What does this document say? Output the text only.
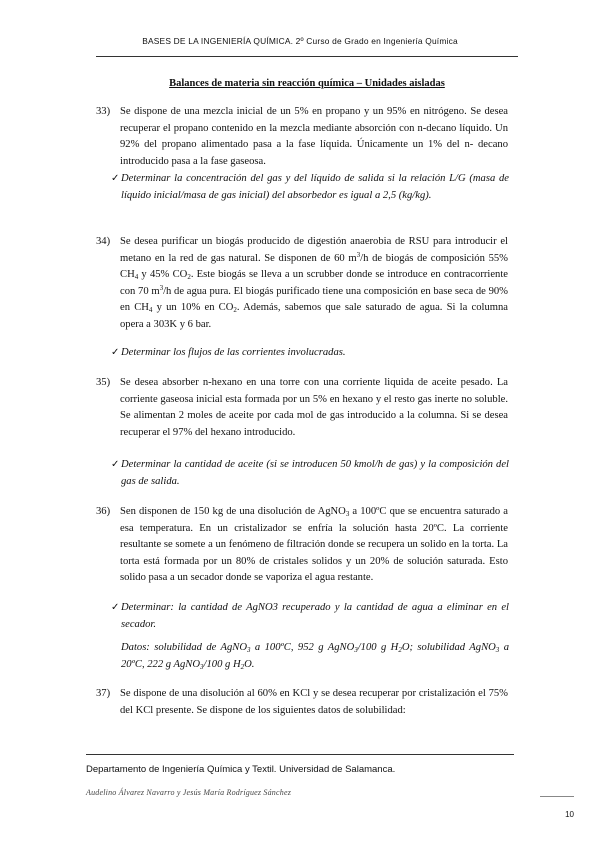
BASES DE LA INGENIERÍA QUÍMICA. 2º Curso de Grado en Ingeniería Química
Balances de materia sin reacción química – Unidades aisladas
33) Se dispone de una mezcla inicial de un 5% en propano y un 95% en nitrógeno. Se desea recuperar el propano contenido en la mezcla mediante absorción con n-decano líquido. Un 92% del propano alimentado pasa a la fase líquida. Únicamente un 1% del n- decano introducido pasa a la fase gaseosa.
✓ Determinar la concentración del gas y del líquido de salida si la relación L/G (masa de líquido inicial/masa de gas inicial) del absorbedor es igual a 2,5 (kg/kg).
34) Se desea purificar un biogás producido de digestión anaerobia de RSU para introducir el metano en la red de gas natural. Se disponen de 60 $m^3/h$ de biogás de composición 55% $CH_4$ y 45% $CO_2$. Este biogás se lleva a un scrubber donde se introduce en contracorriente con 70 $m^3/h$ de agua pura. El biogás purificado tiene una composición en base seca de 90% en $CH_4$ y un 10% en $CO_2$. Además, sabemos que sale saturado de agua. Si la columna opera a 303K y 6 bar.
✓ Determinar los flujos de las corrientes involucradas.
35) Se desea absorber n-hexano en una torre con una corriente liquida de aceite pesado. La corriente gaseosa inicial esta formada por un 5% en hexano y el resto gas inerte no soluble. Se alimentan 2 moles de aceite por cada mol de gas introducido a la columna. Si se desea recuperar el 97% del hexano introducido.
✓ Determinar la cantidad de aceite (si se introducen 50 kmol/h de gas) y la composición del gas de salida.
36) Sen disponen de 150 kg de una disolución de AgNO$_3$ a 100ºC que se encuentra saturado a esa temperatura. En un cristalizador se enfría la solución hasta 20ºC. La corriente resultante se somete a un fenómeno de filtración donde se recupera un solido en la torta. La torta está formada por un 80% de cristales solidos y un 20% de solución saturada. Esto solido pasa a un secador donde se vaporiza el agua restante.
✓ Determinar: la cantidad de AgNO3 recuperado y la cantidad de agua a eliminar en el secador.
Datos: solubilidad de AgNO$_3$ a 100ºC, 952 g AgNO$_3$/100 g $H_2O$; solubilidad AgNO$_3$ a 20ºC, 222 g AgNO$_3$/100 g $H_2O$.
37) Se dispone de una disolución al 60% en KCl y se desea recuperar por cristalización el 75% del KCl presente. Se dispone de los siguientes datos de solubilidad:
Departamento de Ingeniería Química y Textil. Universidad de Salamanca.
Audelino Álvarez Navarro y Jesús María Rodríguez Sánchez
10
